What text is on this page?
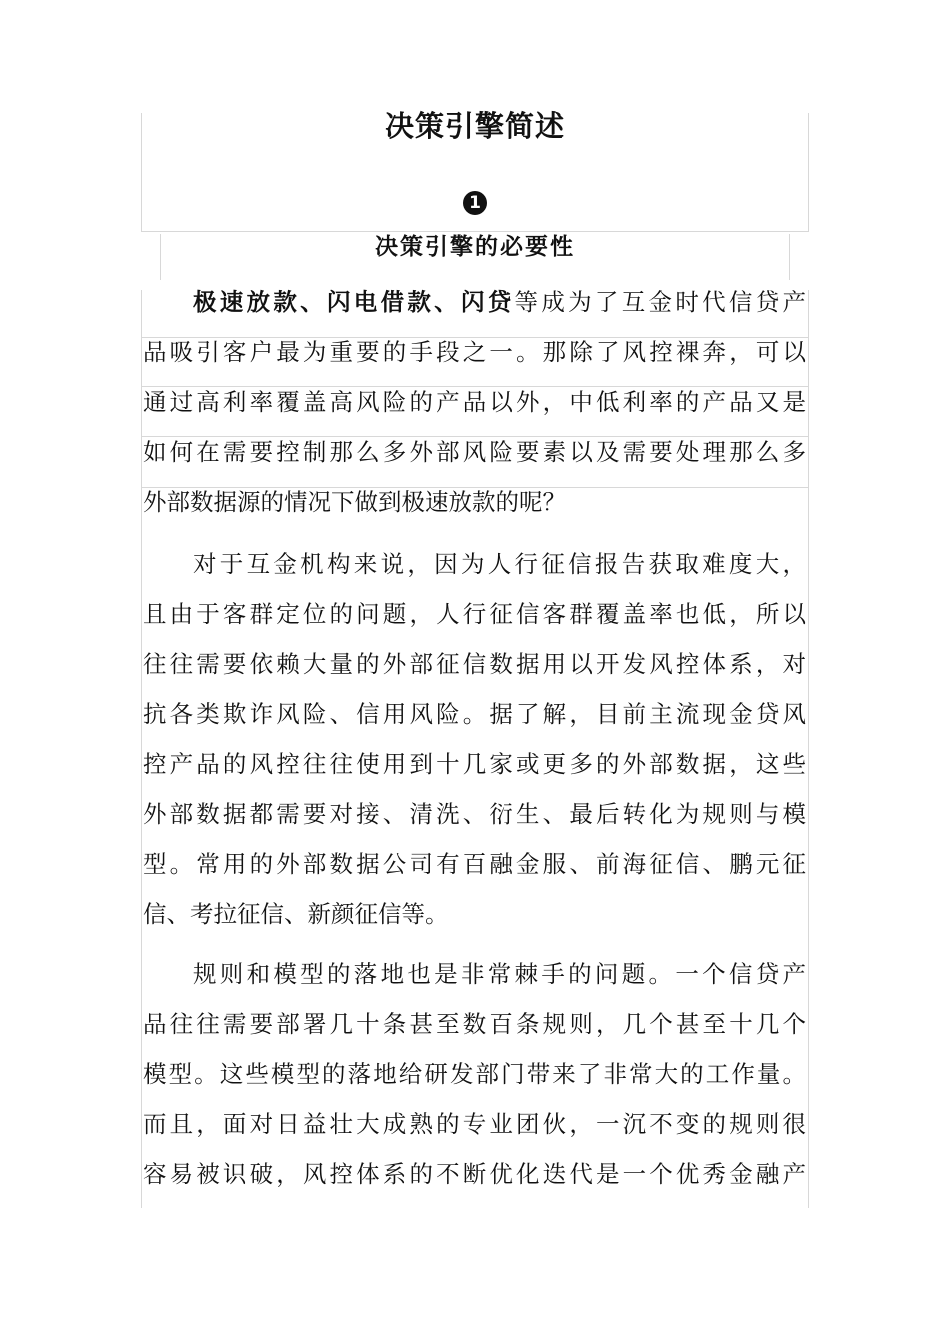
决策引擎简述
1
决策引擎的必要性
极速放款、闪电借款、闪贷等成为了互金时代信贷产
品吸引客户最为重要的手段之一。那除了风控裸奔，可以
通过高利率覆盖高风险的产品以外，中低利率的产品又是
如何在需要控制那么多外部风险要素以及需要处理那么多
外部数据源的情况下做到极速放款的呢？
对于互金机构来说，因为人行征信报告获取难度大，
且由于客群定位的问题，人行征信客群覆盖率也低，所以
往往需要依赖大量的外部征信数据用以开发风控体系，对
抗各类欺诈风险、信用风险。据了解，目前主流现金贷风
控产品的风控往往使用到十几家或更多的外部数据，这些
外部数据都需要对接、清洗、衍生、最后转化为规则与模
型。常用的外部数据公司有百融金服、前海征信、鹏元征
信、考拉征信、新颜征信等。
规则和模型的落地也是非常棘手的问题。一个信贷产
品往往需要部署几十条甚至数百条规则，几个甚至十几个
模型。这些模型的落地给研发部门带来了非常大的工作量。
而且，面对日益壮大成熟的专业团伙，一沉不变的规则很
容易被识破，风控体系的不断优化迭代是一个优秀金融产
